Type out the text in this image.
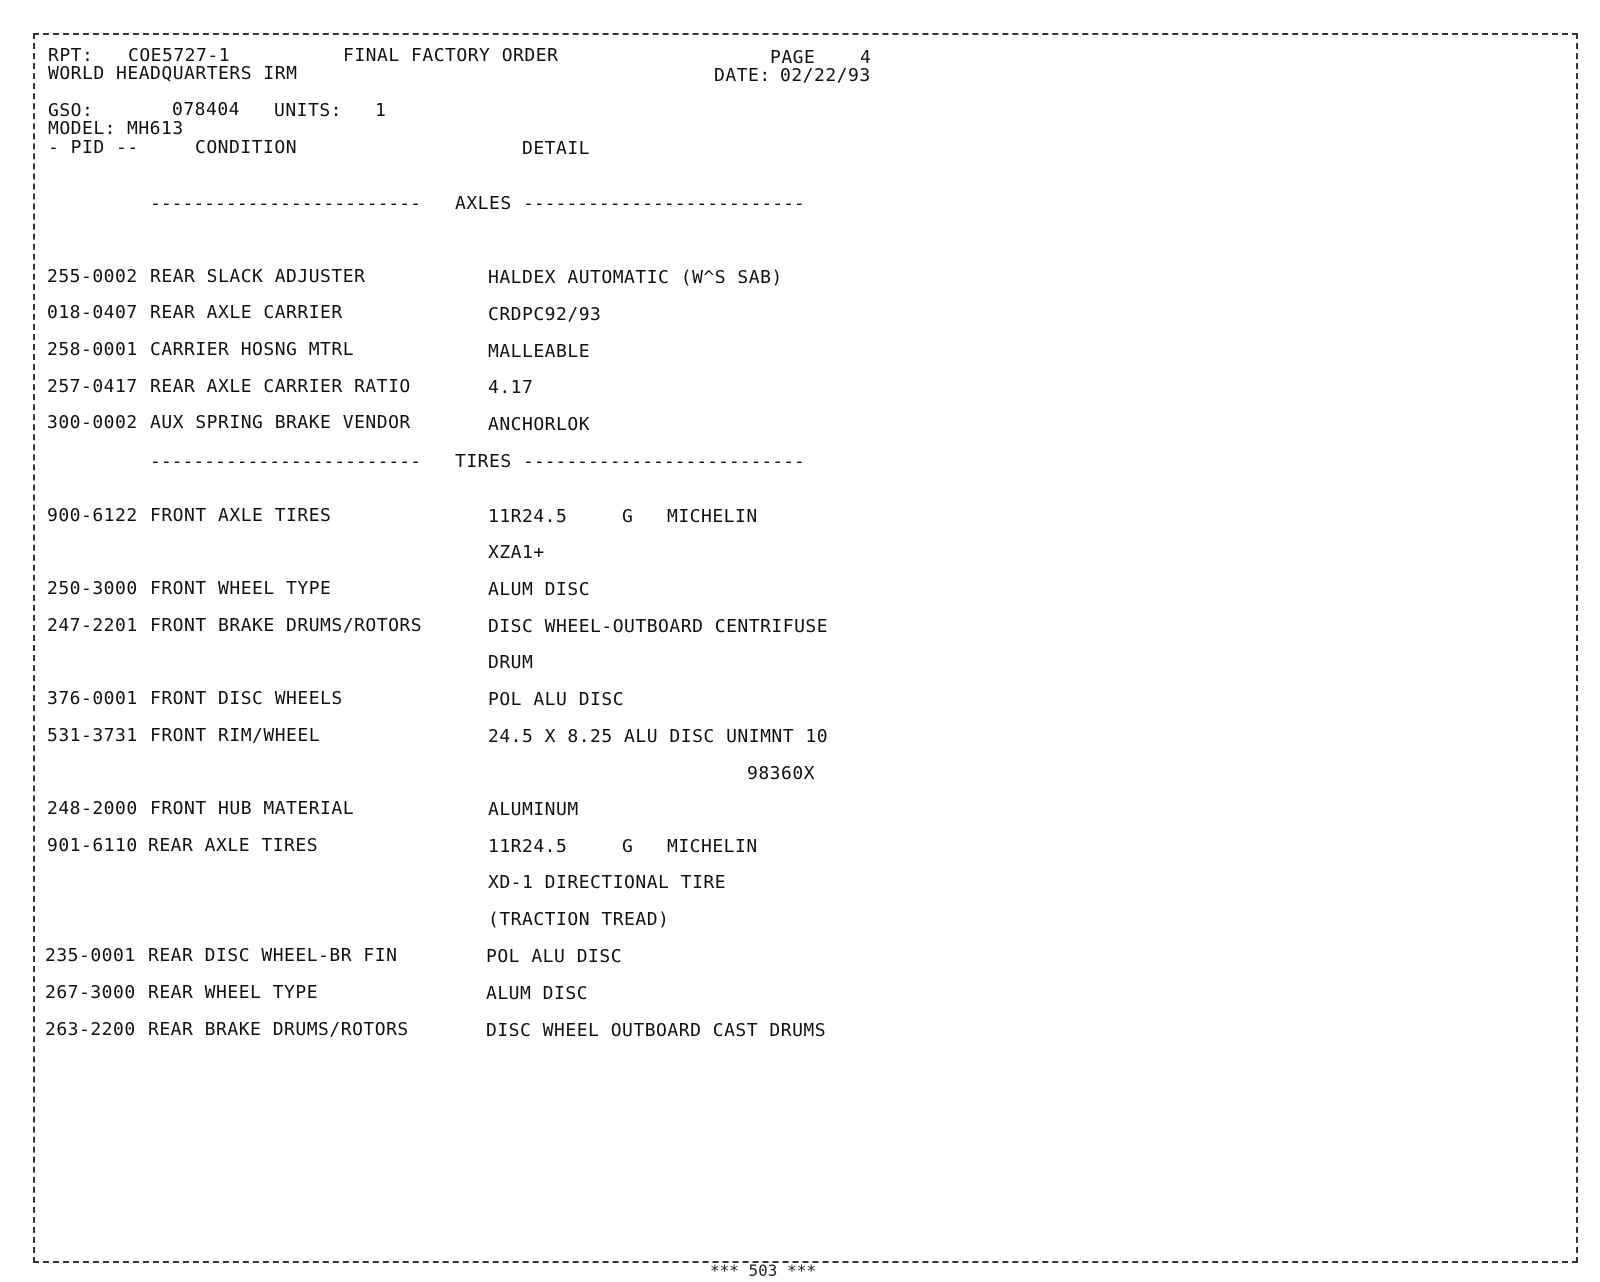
RPT: COE5727-1	FINAL FACTORY ORDER	PAGE 4
WORLD HEADQUARTERS IRM	DATE: 02/22/93
GSO:	078404 UNITS: 1
MODEL: MH613
- PID --	CONDITION	DETAIL
------------------------- AXLES --------------------------
255-0002 REAR SLACK ADJUSTER	HALDEX AUTOMATIC (W^S SAB)
018-0407 REAR AXLE CARRIER	CRDPC92/93
258-0001 CARRIER HOSNG MTRL	MALLEABLE
257-0417 REAR AXLE CARRIER RATIO	4.17
300-0002 AUX SPRING BRAKE VENDOR	ANCHORLOK
------------------------- TIRES --------------------------
900-6122 FRONT AXLE TIRES	11R24.5	G MICHELIN
XZA1+
250-3000 FRONT WHEEL TYPE	ALUM DISC
247-2201 FRONT BRAKE DRUMS/ROTORS	DISC WHEEL-OUTBOARD CENTRIFUSE
DRUM
376-0001 FRONT DISC WHEELS	POL ALU DISC
531-3731 FRONT RIM/WHEEL	24.5 X 8.25 ALU DISC UNIMNT 10
98360X
248-2000 FRONT HUB MATERIAL	ALUMINUM
901-6110 REAR AXLE TIRES	11R24.5	G MICHELIN
XD-1 DIRECTIONAL TIRE
(TRACTION TREAD)
235-0001 REAR DISC WHEEL-BR FIN	POL ALU DISC
267-3000 REAR WHEEL TYPE	ALUM DISC
263-2200 REAR BRAKE DRUMS/ROTORS	DISC WHEEL OUTBOARD CAST DRUMS
*** 503 ***
